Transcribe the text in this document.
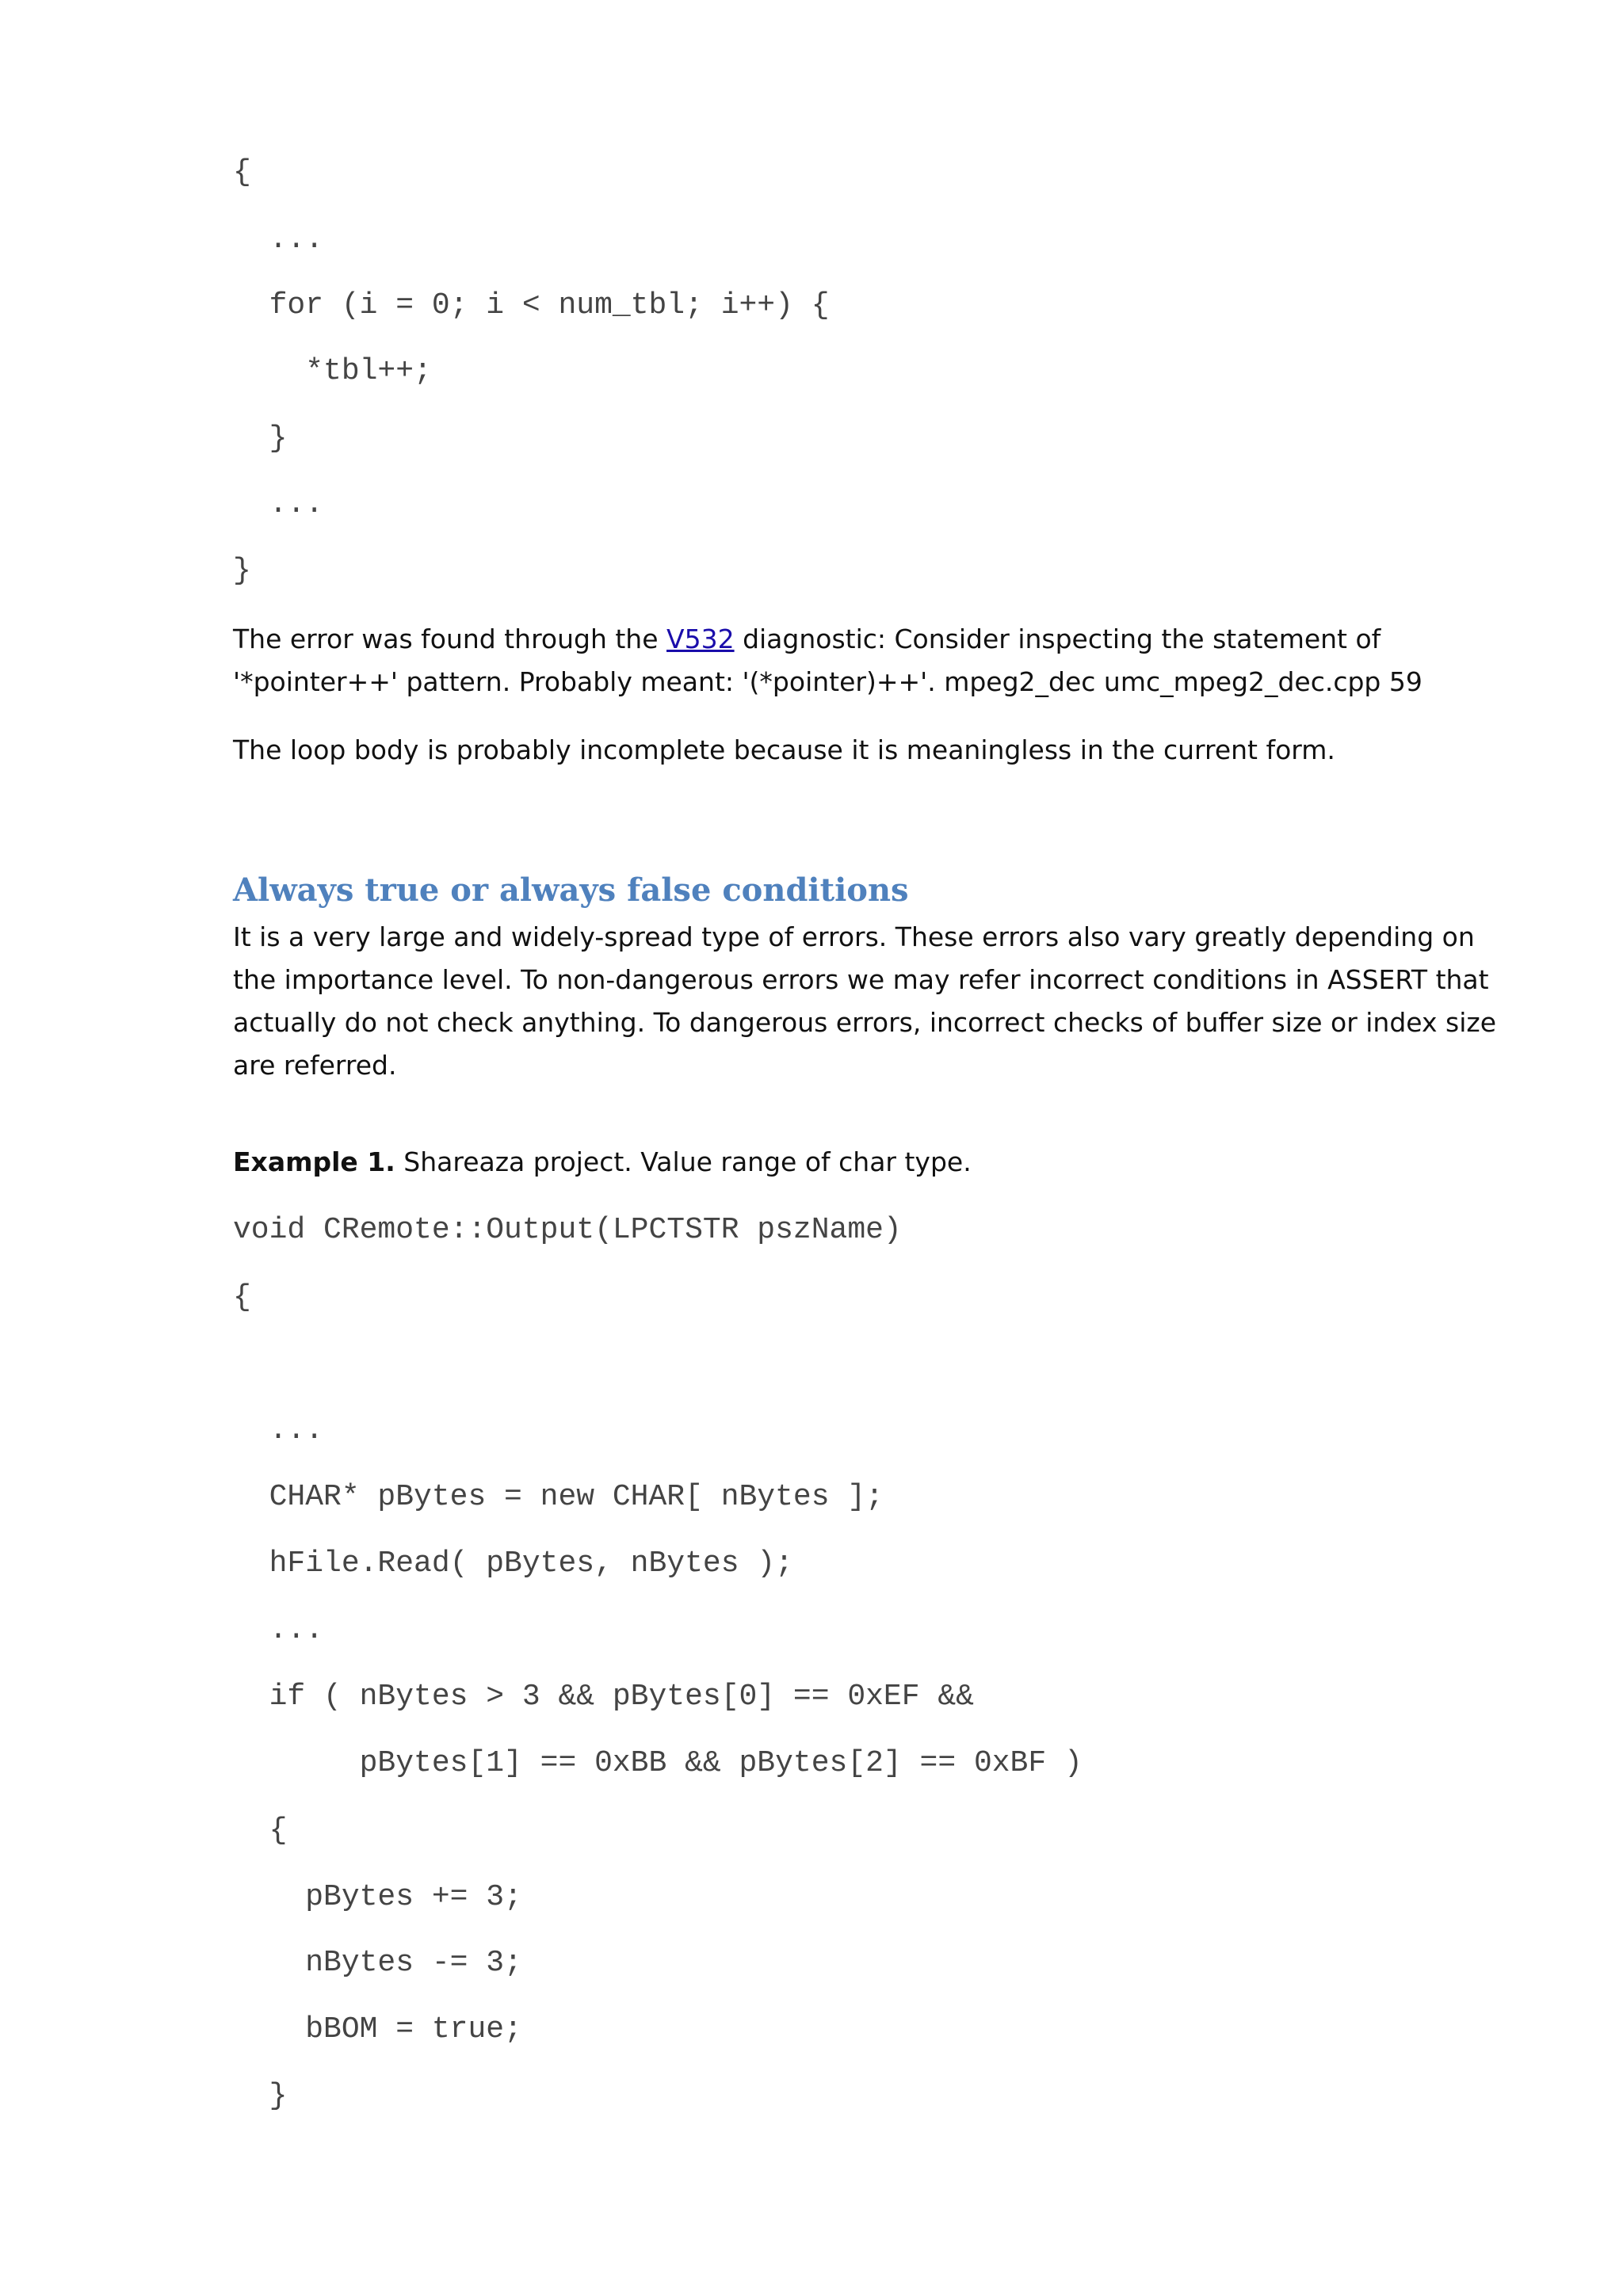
{
...
for (i = 0; i < num_tbl; i++) {
*tbl++;
}
...
}

The error was found through the V532 diagnostic: Consider inspecting the statement of '*pointer++' pattern. Probably meant: '(*pointer)++'. mpeg2_dec umc_mpeg2_dec.cpp 59

The loop body is probably incomplete because it is meaningless in the current form.

Always true or always false conditions

It is a very large and widely-spread type of errors. These errors also vary greatly depending on the importance level. To non-dangerous errors we may refer incorrect conditions in ASSERT that actually do not check anything. To dangerous errors, incorrect checks of buffer size or index size are referred.

Example 1. Shareaza project. Value range of char type.

void CRemote::Output(LPCTSTR pszName)
{
...
CHAR* pBytes = new CHAR[ nBytes ];
hFile.Read( pBytes, nBytes );
...
if ( nBytes > 3 && pBytes[0] == 0xEF &&
pBytes[1] == 0xBB && pBytes[2] == 0xBF )
{
pBytes += 3;
nBytes -= 3;
bBOM = true;
}
